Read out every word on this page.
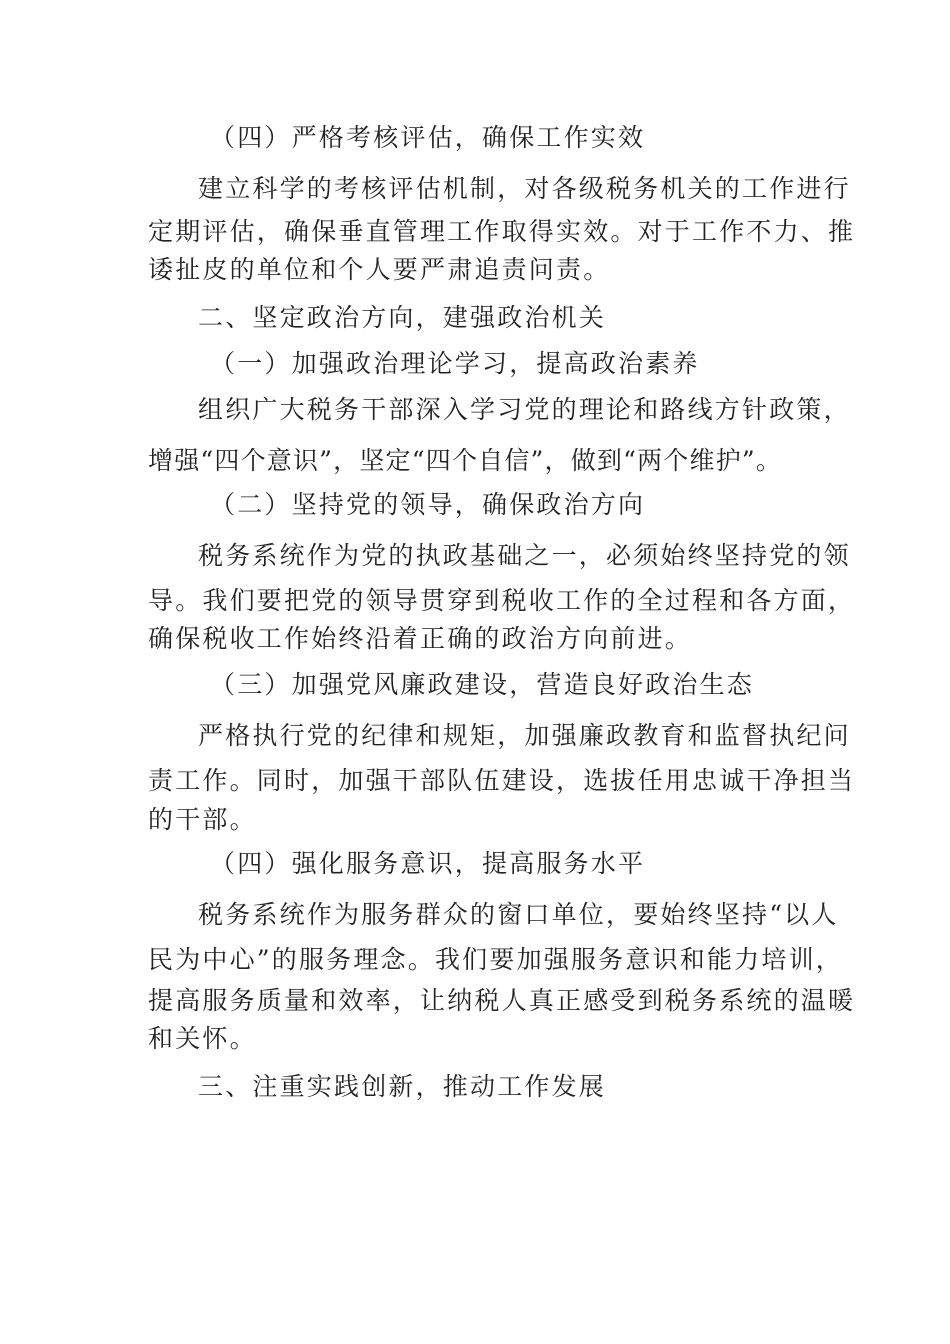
（四）严格考核评估，确保工作实效
建立科学的考核评估机制，对各级税务机关的工作进行
定期评估，确保垂直管理工作取得实效。对于工作不力、推
诿扯皮的单位和个人要严肃追责问责。
二、坚定政治方向，建强政治机关
（一）加强政治理论学习，提高政治素养
组织广大税务干部深入学习党的理论和路线方针政策，
增强“四个意识”，坚定“四个自信”，做到“两个维护”。
（二）坚持党的领导，确保政治方向
税务系统作为党的执政基础之一，必须始终坚持党的领
导。我们要把党的领导贯穿到税收工作的全过程和各方面，
确保税收工作始终沿着正确的政治方向前进。
（三）加强党风廉政建设，营造良好政治生态
严格执行党的纪律和规矩，加强廉政教育和监督执纪问
责工作。同时，加强干部队伍建设，选拔任用忠诚干净担当
的干部。
（四）强化服务意识，提高服务水平
税务系统作为服务群众的窗口单位，要始终坚持“以人
民为中心”的服务理念。我们要加强服务意识和能力培训，
提高服务质量和效率，让纳税人真正感受到税务系统的温暖
和关怀。
三、注重实践创新，推动工作发展
